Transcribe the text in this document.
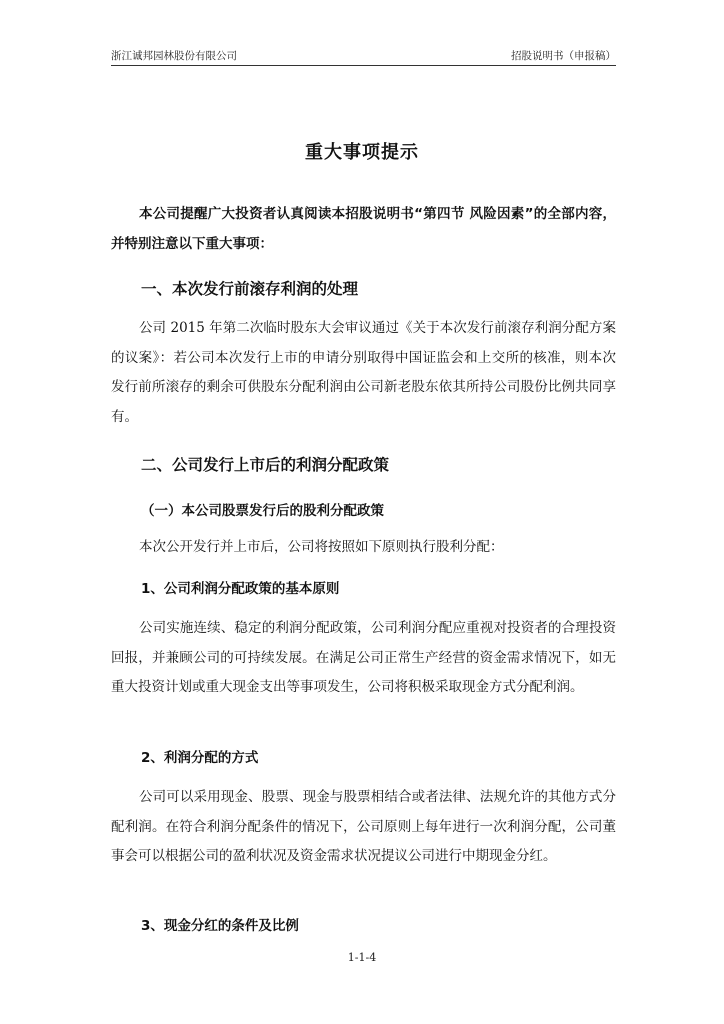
浙江诚邦园林股份有限公司	招股说明书（申报稿）
重大事项提示

本公司提醒广大投资者认真阅读本招股说明书“第四节 风险因素”的全部内容，并特别注意以下重大事项：

一、本次发行前滚存利润的处理

公司 2015 年第二次临时股东大会审议通过《关于本次发行前滚存利润分配方案的议案》：若公司本次发行上市的申请分别取得中国证监会和上交所的核准，则本次发行前所滚存的剩余可供股东分配利润由公司新老股东依其所持公司股份比例共同享有。

二、公司发行上市后的利润分配政策
（一）本公司股票发行后的股利分配政策

本次公开发行并上市后，公司将按照如下原则执行股利分配：

1、公司利润分配政策的基本原则

公司实施连续、稳定的利润分配政策，公司利润分配应重视对投资者的合理投资回报，并兼顾公司的可持续发展。在满足公司正常生产经营的资金需求情况下，如无重大投资计划或重大现金支出等事项发生，公司将积极采取现金方式分配利润。

2、利润分配的方式

公司可以采用现金、股票、现金与股票相结合或者法律、法规允许的其他方式分配利润。在符合利润分配条件的情况下，公司原则上每年进行一次利润分配，公司董事会可以根据公司的盈利状况及资金需求状况提议公司进行中期现金分红。

3、现金分红的条件及比例
1-1-4
